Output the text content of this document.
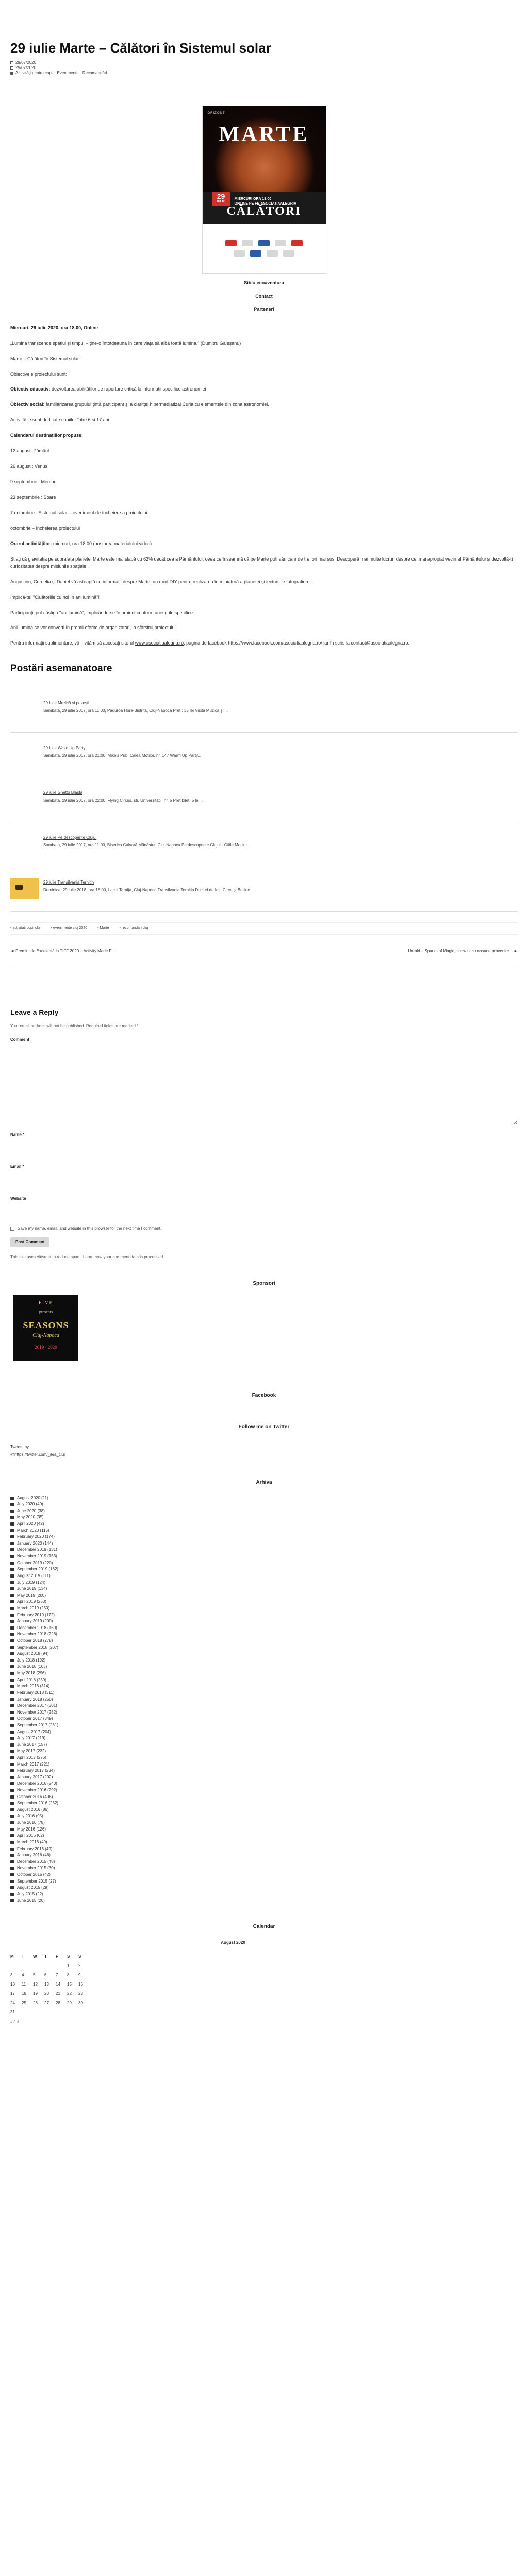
29 iulie Marte – Călători în Sistemul solar
29/07/2020
29/07/2020
Activități pentru copii · Evenimente · Recomandări
ORIZONT
MARTE
29
IULIE
MIERCURI ORA 18:00
ONLINE PE FB/ASOCIATIAALEGRIA
CĂLĂTORI
Sibiu ecoaventura
Contact
Parteneri

Miercuri, 29 iulie 2020, ora 18.00, Online

„Lumina transcende spațiul și timpul – ține-o întotdeauna în care viața să aibă toată lumina.” (Dumitru Găleșanu)

Marte – Călători în Sistemul solar

Obiectivele proiectului sunt:

Obiectiv educativ: dezvoltarea abilităților de raportare critică la informații specifice astronomiei

Obiectiv social: familiarizarea grupului țintă participant și a claritței hipermediatizăi Curia cu elementele din zona astronomiei.

Activitățile sunt dedicate copiilor între 6 și 17 ani.

Calendarul destinațiilor propuse:

12 august: Pământ

26 august : Venus

9 septembrie : Mercur

23 septembrie : Soare

7 octombrie : Sistemul solar – eveniment de încheiere a proiectului

octombrie – încheierea proiectului

Orarul activităților: miercuri, ora 18.00 (postarea materialului video)

Știați că gravitația pe suprafața planetei Marte este mai slabă cu 62% decât cea a Pământului, ceea ce înseamnă că pe Marte poți sări cam de trei ori mai sus! Descoperă mai multe lucruri despre cel mai apropiat vecin al Pământului și dezvoltă-ți curiozitatea despre misiunile spațiale.

Augustino, Cornelia și Daniel vă așteaptă cu informații despre Marte, un mod DIY pentru realizarea în miniatură a planetei și lecturi de fotografiere.

Implică-te! "Călătoriile cu noi în ani lumină"!

Participanții pot câștiga "ani lumină", implicându-se în proiect conform unei grile specifice.

Anii lumină se vor converti în premii oferite de organizatori, la sfârșitul proiectului.

Pentru informații suplimentare, vă invităm să accesați site-ul www.asociatiaalegria.ro, pagina de facebook https://www.facebook.com/asociatiaalegria.ro/ iar în scris la contact@asociatiaalegria.ro.

Postări asemanatoare
29 Iulie Muzică și povești
Sambata, 29 iulie 2017, ora 11:00, Paduroa Hora-Bistrita, Cluj-Napoca Pret : 35 lei Vișită Muzică și ...
29 Iulie Wake Up Party
Sambata, 29 iulie 2017, ora 21:00, Mike's Pub, Calea Moților, nr. 147 Warm Up Party...
29 iulie Ghetto Blasta
Sambata, 29 iulie 2017, ora 22:00, Flying Circus, str. Universității, nr. 5 Pret bilet: 5 lei...
29 iulie Pe descoperite Clujul
Sambata, 29 iulie 2017, ora 11:00, Biserica Calvară Mănăștur, Cluj-Napoca Pe descoperite Clujul - Câile Moților...
29 iulie Transilvania Ternitin
Duminica, 29 iulie 2018, ora 18:00, Lacul Tarnița, Cluj-Napoca Transilvania Ternitin Dulcuri de Imit Circe și Bellinc...
▪ activitati copii cluj	▪ evenimente cluj 2020	▪ Marte	▪ recomandari cluj
◄ Premiul de Excelență la TIFF 2020 – Activity Marie Pi...	Untold – Sparks of Magic, show ul cu oașune provenire... ►
Leave a Reply
Your email address will not be published. Required fields are marked *
Comment
Name *
Email *
Website
Save my name, email, and website in this browser for the next time I comment.
Post Comment
This site uses Akismet to reduce spam. Learn how your comment data is processed.
Sponsori
FIVE
presents
SEASONS
Cluj-Napoca
2019 · 2020
Facebook
Follow me on Twitter
Tweets by
@https://twitter.com/_ilea_cluj
Arhiva
August 2020 (11)
July 2020 (40)
June 2020 (38)
May 2020 (35)
April 2020 (42)
March 2020 (115)
February 2020 (174)
January 2020 (144)
December 2019 (131)
November 2019 (153)
October 2019 (220)
September 2019 (162)
August 2019 (111)
July 2019 (124)
June 2019 (134)
May 2019 (200)
April 2019 (253)
March 2019 (250)
February 2019 (172)
January 2019 (200)
December 2018 (160)
November 2018 (226)
October 2018 (278)
September 2018 (207)
August 2018 (94)
July 2018 (192)
June 2018 (163)
May 2018 (296)
April 2018 (259)
March 2018 (314)
February 2018 (311)
January 2018 (250)
December 2017 (301)
November 2017 (282)
October 2017 (349)
September 2017 (261)
August 2017 (204)
July 2017 (219)
June 2017 (157)
May 2017 (232)
April 2017 (276)
March 2017 (221)
February 2017 (234)
January 2017 (202)
December 2016 (240)
November 2016 (292)
October 2016 (406)
September 2016 (232)
August 2016 (86)
July 2016 (95)
June 2016 (78)
May 2016 (126)
April 2016 (62)
March 2016 (49)
February 2016 (49)
January 2016 (46)
December 2015 (48)
November 2015 (30)
October 2015 (42)
September 2015 (27)
August 2015 (29)
July 2015 (22)
June 2015 (20)
Calendar
August 2020
M	T	W	T	F	S	S
					1	2
3	4	5	6	7	8	9
10	11	12	13	14	15	16
17	18	19	20	21	22	23
24	25	26	27	28	29	30
31						
« Jul
